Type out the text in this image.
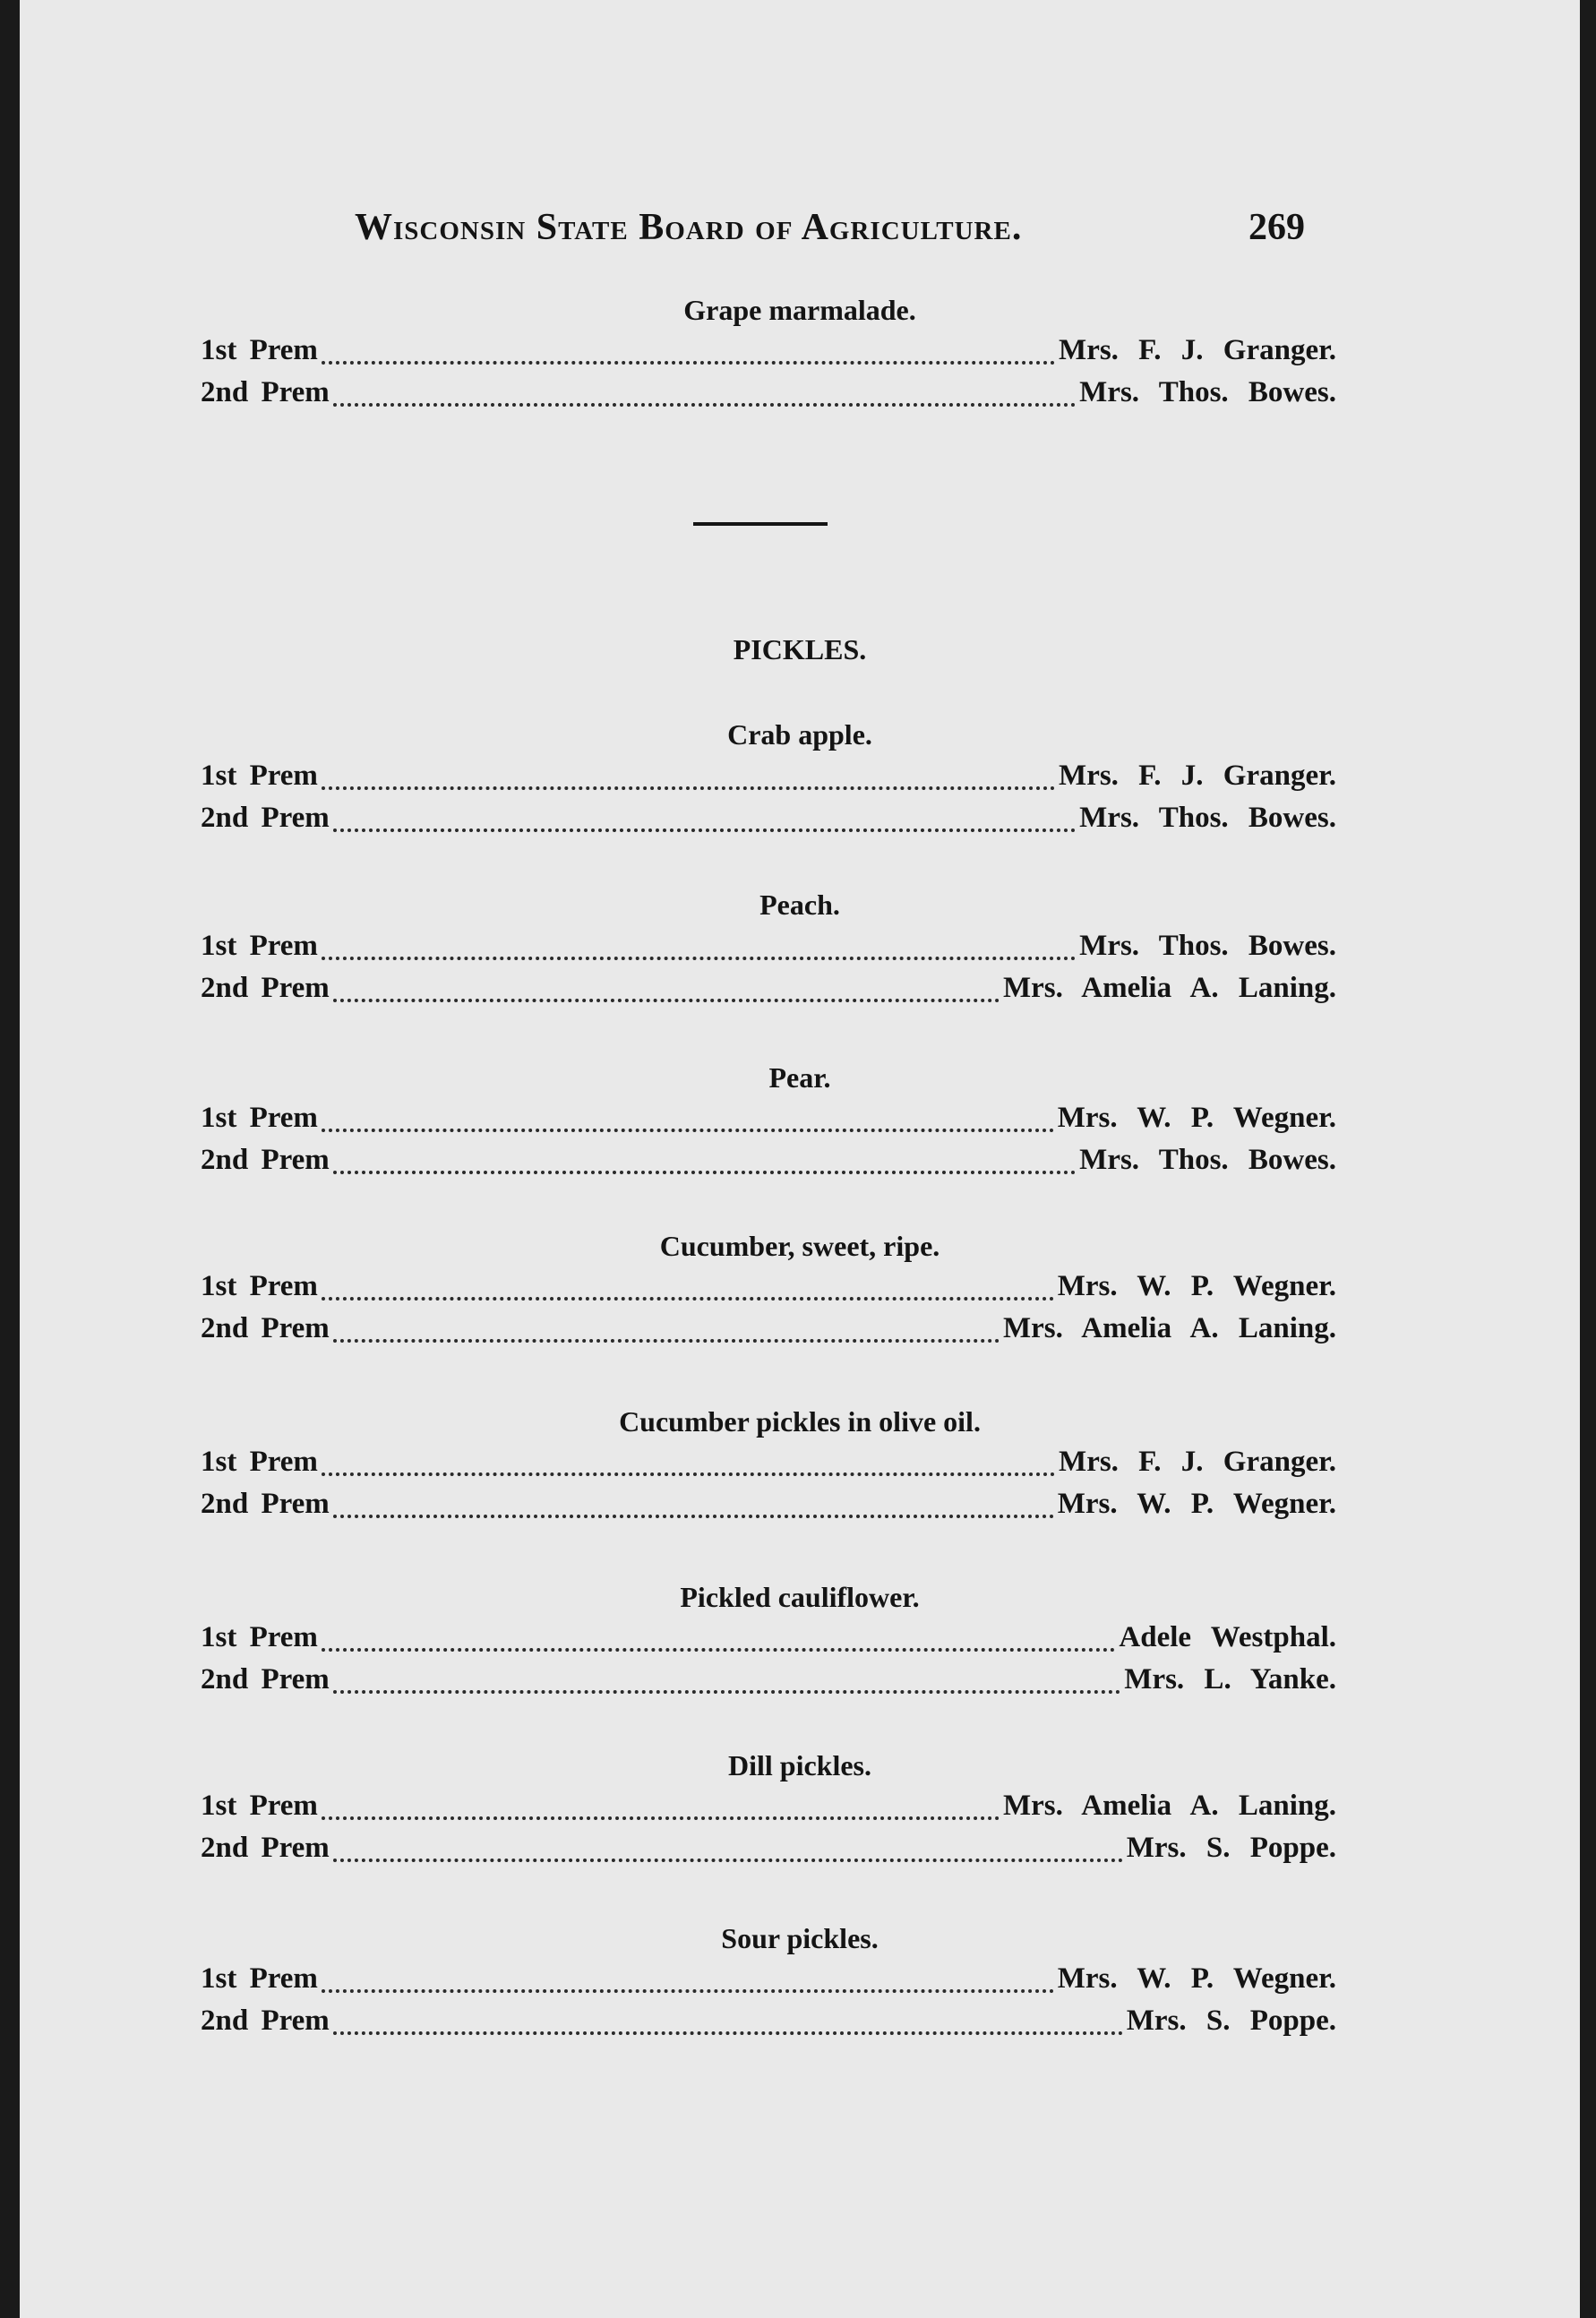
Wisconsin State Board of Agriculture.	269
Grape marmalade.
1st Prem	Mrs. F. J. Granger.
2nd Prem	Mrs. Thos. Bowes.
PICKLES.
Crab apple.
1st Prem	Mrs. F. J. Granger.
2nd Prem	Mrs. Thos. Bowes.
Peach.
1st Prem	Mrs. Thos. Bowes.
2nd Prem	Mrs. Amelia A. Laning.
Pear.
1st Prem	Mrs. W. P. Wegner.
2nd Prem	Mrs. Thos. Bowes.
Cucumber, sweet, ripe.
1st Prem	Mrs. W. P. Wegner.
2nd Prem	Mrs. Amelia A. Laning.
Cucumber pickles in olive oil.
1st Prem	Mrs. F. J. Granger.
2nd Prem	Mrs. W. P. Wegner.
Pickled cauliflower.
1st Prem	Adele Westphal.
2nd Prem	Mrs. L. Yanke.
Dill pickles.
1st Prem	Mrs. Amelia A. Laning.
2nd Prem	Mrs. S. Poppe.
Sour pickles.
1st Prem	Mrs. W. P. Wegner.
2nd Prem	Mrs. S. Poppe.
